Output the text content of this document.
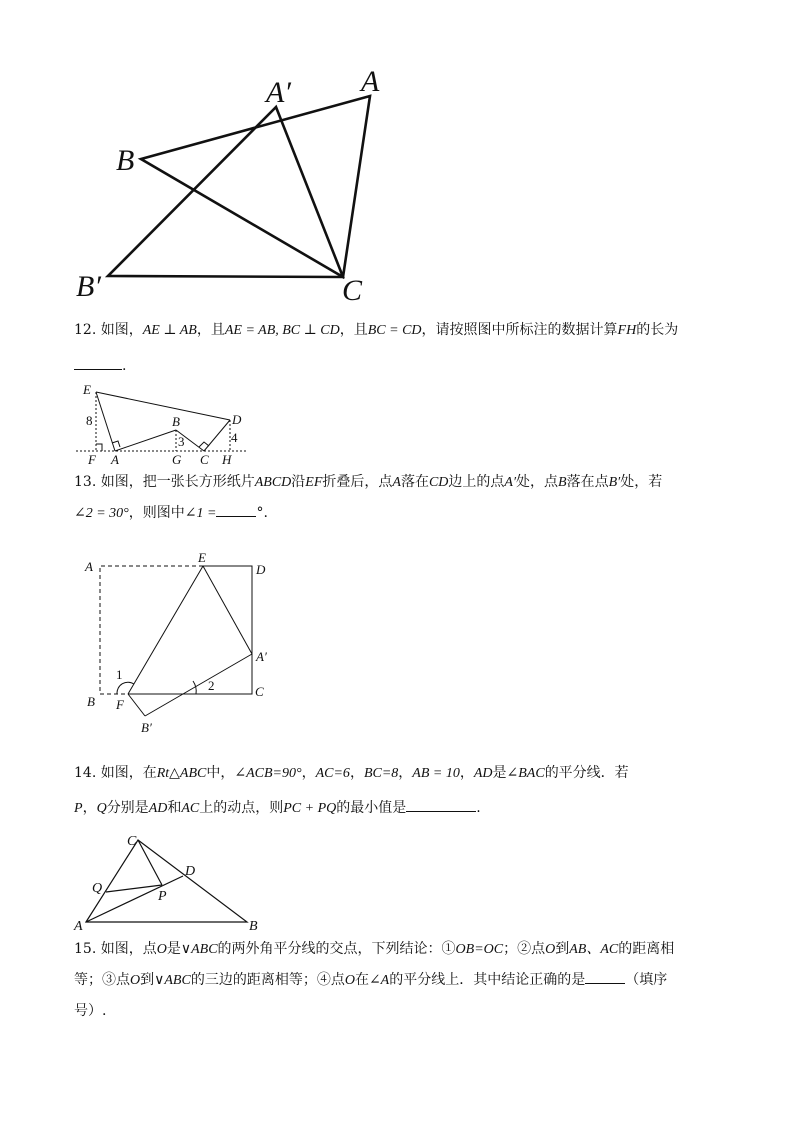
B
A′ A
B′	C
12. 如图，AE ⊥ AB，且AE = AB, BC ⊥ CD，且BC = CD，请按照图中所标注的数据计算FH的长为
.
E
8	B
3
D
4
F A	G C H
13. 如图，把一张长方形纸片ABCD沿EF折叠后，点A落在CD边上的点A′处，点B落在点B′处，若
∠2 = 30°，则图中∠1 =	°.
A
E
D
A′
1
2
B F
C
B′
14. 如图，在Rt△ABC中，∠ACB=90°，AC=6，BC=8，AB = 10，AD是∠BAC的平分线．若
P，Q分别是AD和AC上的动点，则PC + PQ的最小值是	.
C
D
Q
P
A	B
15. 如图，点O是∨ABC的两外角平分线的交点，下列结论：①OB=OC；②点O到AB、AC的距离相
等；③点O到∨ABC的三边的距离相等；④点O在∠A的平分线上．其中结论正确的是	（填序
号）.
